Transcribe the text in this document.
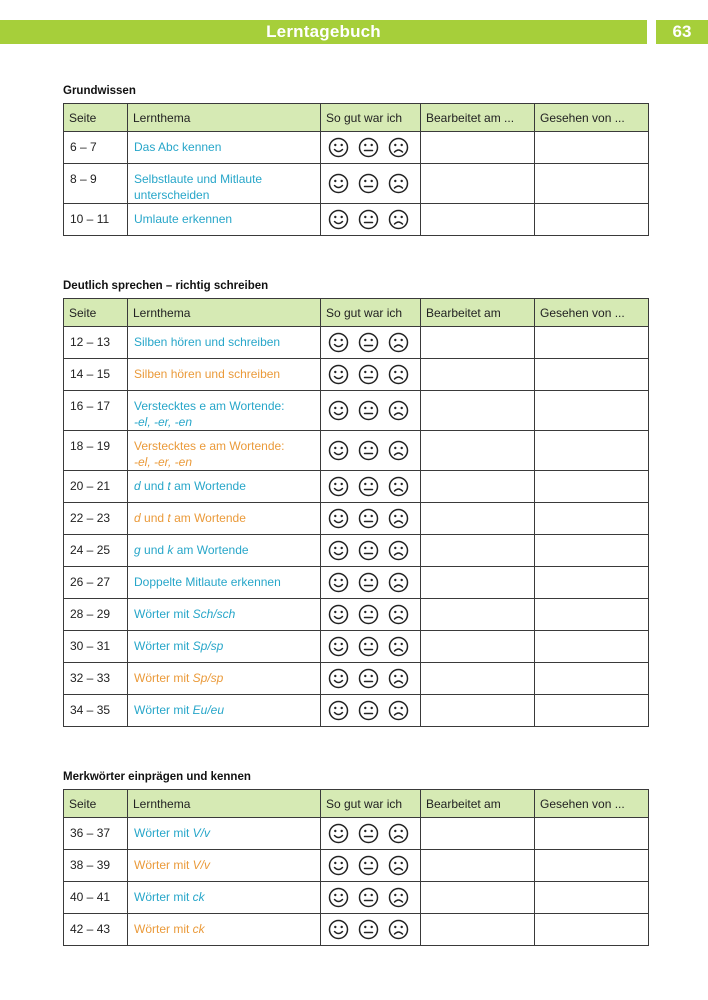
Lerntagebuch	63
Grundwissen
Seite	Lernthema	So gut war ich	Bearbeitet am ...	Gesehen von ...
6 – 7	Das Abc kennen	

8 – 9	Selbstlaute und Mitlaute unterscheiden	

10 – 11	Umlaute erkennen	

Deutlich sprechen – richtig schreiben
Seite	Lernthema	So gut war ich	Bearbeitet am	Gesehen von ...
12 – 13	Silben hören und schreiben	

14 – 15	Silben hören und schreiben	

16 – 17	Verstecktes e am Wortende:
-el, -er, -en	

18 – 19	Verstecktes e am Wortende:
-el, -er, -en	

20 – 21	d und t am Wortende	

22 – 23	d und t am Wortende	

24 – 25	g und k am Wortende	

26 – 27	Doppelte Mitlaute erkennen	

28 – 29	Wörter mit Sch/sch	

30 – 31	Wörter mit Sp/sp	

32 – 33	Wörter mit Sp/sp	

34 – 35	Wörter mit Eu/eu	

Merkwörter einprägen und kennen
Seite	Lernthema	So gut war ich	Bearbeitet am	Gesehen von ...
36 – 37	Wörter mit V/v	

38 – 39	Wörter mit V/v	

40 – 41	Wörter mit ck	

42 – 43	Wörter mit ck	
